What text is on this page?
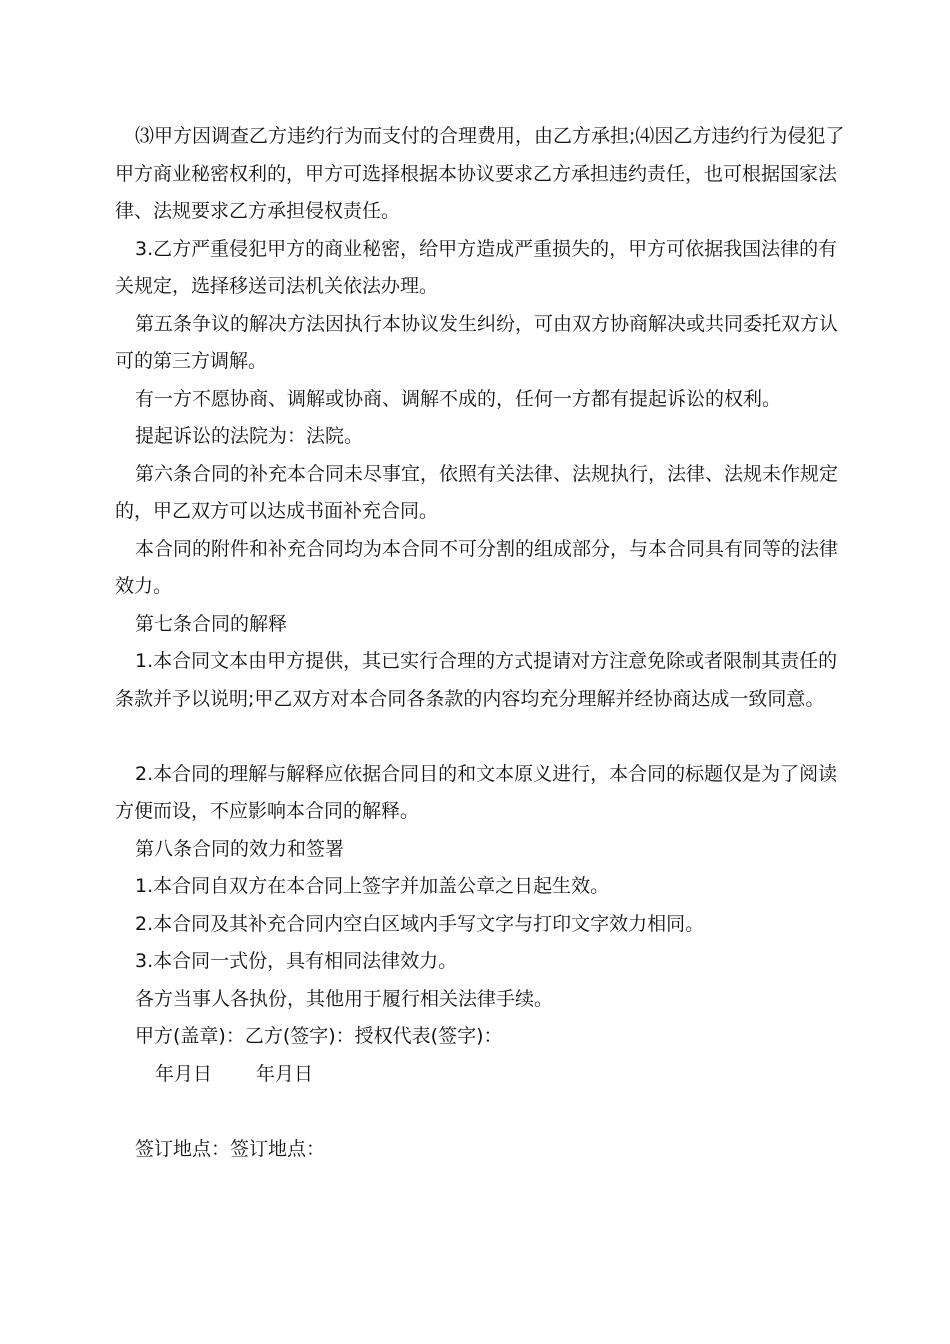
⑶甲方因调查乙方违约行为而支付的合理费用，由乙方承担;⑷因乙方违约行为侵犯了甲方商业秘密权利的，甲方可选择根据本协议要求乙方承担违约责任，也可根据国家法律、法规要求乙方承担侵权责任。

3.乙方严重侵犯甲方的商业秘密，给甲方造成严重损失的，甲方可依据我国法律的有关规定，选择移送司法机关依法办理。

第五条争议的解决方法因执行本协议发生纠纷，可由双方协商解决或共同委托双方认可的第三方调解。

有一方不愿协商、调解或协商、调解不成的，任何一方都有提起诉讼的权利。

提起诉讼的法院为：法院。

第六条合同的补充本合同未尽事宜，依照有关法律、法规执行，法律、法规未作规定的，甲乙双方可以达成书面补充合同。

本合同的附件和补充合同均为本合同不可分割的组成部分，与本合同具有同等的法律效力。

第七条合同的解释

1.本合同文本由甲方提供，其已实行合理的方式提请对方注意免除或者限制其责任的条款并予以说明;甲乙双方对本合同各条款的内容均充分理解并经协商达成一致同意。

2.本合同的理解与解释应依据合同目的和文本原义进行，本合同的标题仅是为了阅读方便而设，不应影响本合同的解释。

第八条合同的效力和签署

1.本合同自双方在本合同上签字并加盖公章之日起生效。

2.本合同及其补充合同内空白区域内手写文字与打印文字效力相同。

3.本合同一式份，具有相同法律效力。

各方当事人各执份，其他用于履行相关法律手续。

甲方(盖章)：乙方(签字)：授权代表(签字)：

年月日 年月日

签订地点：签订地点：
